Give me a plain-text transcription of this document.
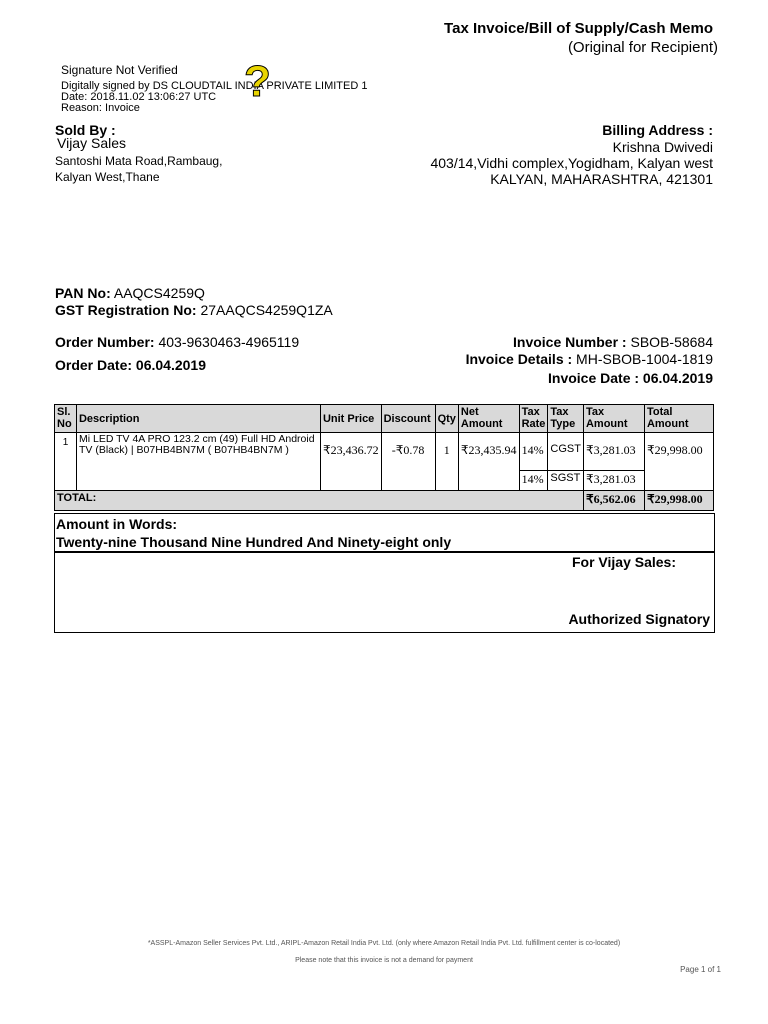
Tax Invoice/Bill of Supply/Cash Memo
(Original for Recipient)
Signature Not Verified
Digitally signed by DS CLOUDTAIL INDIA PRIVATE LIMITED 1
Date: 2018.11.02 13:06:27 UTC
Reason: Invoice
?
Sold By :
Vijay Sales
Santoshi Mata Road,Rambaug,
Kalyan West,Thane
Billing Address :
Krishna Dwivedi
403/14,Vidhi complex,Yogidham, Kalyan west
KALYAN, MAHARASHTRA, 421301
PAN No: AAQCS4259Q
GST Registration No: 27AAQCS4259Q1ZA
Order Number: 403-9630463-4965119
Order Date: 06.04.2019
Invoice Number : SBOB-58684
Invoice Details : MH-SBOB-1004-1819
Invoice Date : 06.04.2019
Sl. No	Description	Unit Price	Discount	Qty	Net Amount	Tax Rate	Tax Type	Tax Amount	Total Amount
1	Mi LED TV 4A PRO 123.2 cm (49) Full HD Android TV (Black) | B07HB4BN7M ( B07HB4BN7M )	₹23,436.72	-₹0.78	1	₹23,435.94	14%	CGST	₹3,281.03	₹29,998.00
						14%	SGST	₹3,281.03	
TOTAL:								₹6,562.06	₹29,998.00
Amount in Words:
Twenty-nine Thousand Nine Hundred And Ninety-eight only
For Vijay Sales:
Authorized Signatory
*ASSPL-Amazon Seller Services Pvt. Ltd., ARIPL-Amazon Retail India Pvt. Ltd. (only where Amazon Retail India Pvt. Ltd. fulfillment center is co-located)
Please note that this invoice is not a demand for payment
Page 1 of 1
